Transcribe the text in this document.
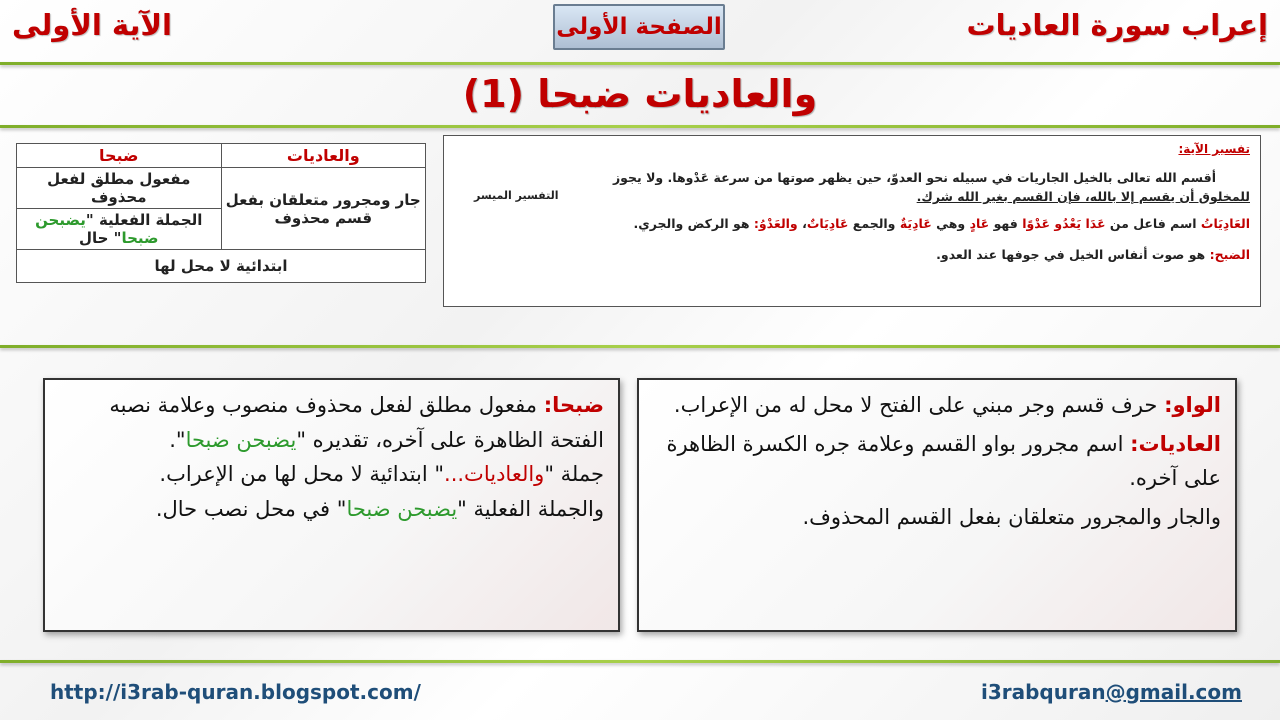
إعراب سورة العاديات
الصفحة الأولى
الآية الأولى
والعاديات ضبحا (1)
والعاديات	ضبحا
جار ومجرور متعلقان بفعل قسم محذوف	مفعول مطلق لفعل محذوف
	الجملة الفعلية "يضبحن ضبحا" حال
ابتدائية لا محل لها	

تفسير الآية:

أقسم الله تعالى بالخيل الجاريات في سبيله نحو العدوّ، حين يظهر صوتها من سرعة عَدْوها. ولا يجوز

للمخلوق أن يقسم إلا بالله، فإن القسم بغير الله شرك.
التفسير الميسر

العَادِيَاتُ اسم فاعل من عَدَا يَعْدُو عَدْوًا فهو عَادٍ وهي عَادِيَةٌ والجمع عَادِيَاتٌ، والعَدْوُ: هو الركض والجري.

الضبح: هو صوت أنفاس الخيل في جوفها عند العدو.

الواو: حرف قسم وجر مبني على الفتح لا محل له من الإعراب.
العاديات: اسم مجرور بواو القسم وعلامة جره الكسرة الظاهرة على آخره.
والجار والمجرور متعلقان بفعل القسم المحذوف.
ضبحا: مفعول مطلق لفعل محذوف منصوب وعلامة نصبه الفتحة الظاهرة على آخره، تقديره "يضبحن ضبحا".
جملة "والعاديات..." ابتدائية لا محل لها من الإعراب.
والجملة الفعلية "يضبحن ضبحا" في محل نصب حال.
http://i3rab-quran.blogspot.com/	i3rabquran@gmail.com
